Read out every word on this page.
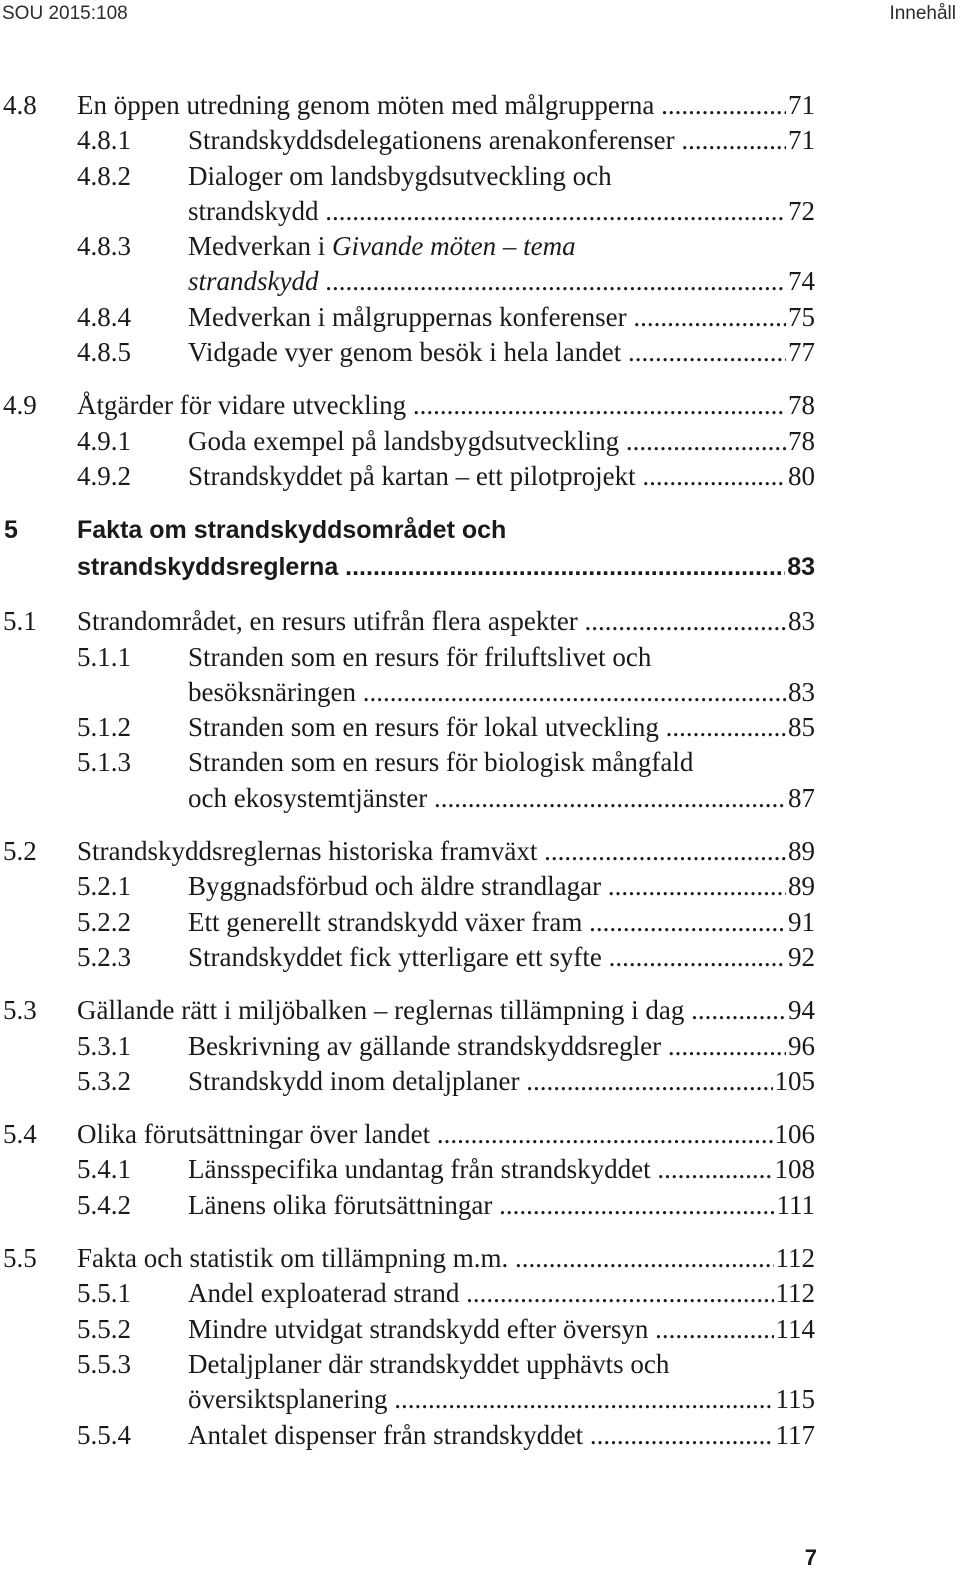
SOU 2015:108	Innehåll
4.8 En öppen utredning genom möten med målgrupperna .....	71
4.8.1 Strandskyddsdelegationens arenakonferenser .....	71
4.8.2 Dialoger om landsbygdsutveckling och
strandskydd .....	72
4.8.3 Medverkan i Givande möten – tema
strandskydd .....	74
4.8.4 Medverkan i målgruppernas konferenser .....	75
4.8.5 Vidgade vyer genom besök i hela landet .....	77
4.9 Åtgärder för vidare utveckling .....	78
4.9.1 Goda exempel på landsbygdsutveckling .....	78
4.9.2 Strandskyddet på kartan – ett pilotprojekt .....	80
5 Fakta om strandskyddsområdet och
strandskyddsreglerna .....	83
5.1 Strandområdet, en resurs utifrån flera aspekter .....	83
5.1.1 Stranden som en resurs för friluftslivet och
besöksnäringen .....	83
5.1.2 Stranden som en resurs för lokal utveckling .....	85
5.1.3 Stranden som en resurs för biologisk mångfald
och ekosystemtjänster .....	87
5.2 Strandskyddsreglernas historiska framväxt .....	89
5.2.1 Byggnadsförbud och äldre strandlagar .....	89
5.2.2 Ett generellt strandskydd växer fram .....	91
5.2.3 Strandskyddet fick ytterligare ett syfte .....	92
5.3 Gällande rätt i miljöbalken – reglernas tillämpning i dag .....	94
5.3.1 Beskrivning av gällande strandskyddsregler .....	96
5.3.2 Strandskydd inom detaljplaner .....	105
5.4 Olika förutsättningar över landet .....	106
5.4.1 Länsspecifika undantag från strandskyddet .....	108
5.4.2 Länens olika förutsättningar .....	111
5.5 Fakta och statistik om tillämpning m.m. .....	112
5.5.1 Andel exploaterad strand .....	112
5.5.2 Mindre utvidgat strandskydd efter översyn .....	114
5.5.3 Detaljplaner där strandskyddet upphävts och
översiktsplanering .....	115
5.5.4 Antalet dispenser från strandskyddet .....	117
7
